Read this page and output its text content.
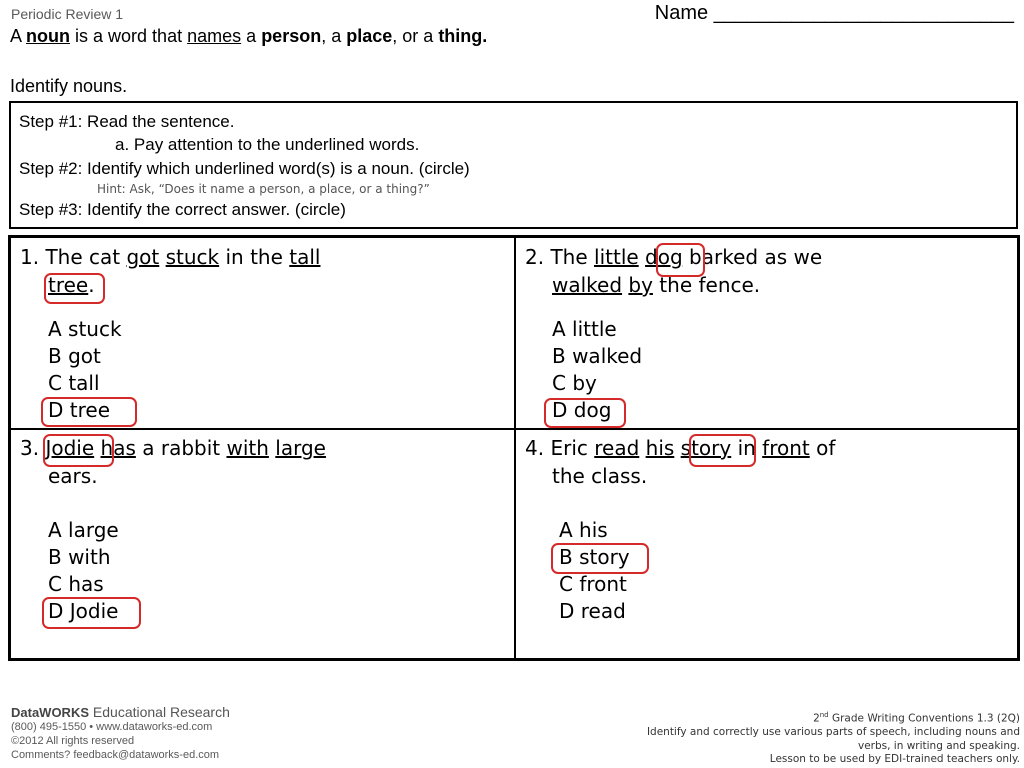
Periodic Review 1	Name ___________________________
A noun is a word that names a person, a place, or a thing.
Identify nouns.
Step #1: Read the sentence.
a. Pay attention to the underlined words.
Step #2: Identify which underlined word(s) is a noun. (circle)
Hint: Ask, “Does it name a person, a place, or a thing?”
Step #3: Identify the correct answer. (circle)
1. The cat got stuck in the tall
tree.
A stuck
B got
C tall
D tree
2. The little dog barked as we
walked by the fence.
A little
B walked
C by
D dog
3. Jodie has a rabbit with large
ears.
A large
B with
C has
D Jodie
4. Eric read his story in front of
the class.
A his
B story
C front
D read
DataWORKS Educational Research
(800) 495-1550 • www.dataworks-ed.com
©2012 All rights reserved
Comments? feedback@dataworks-ed.com
2nd Grade Writing Conventions 1.3 (2Q)
Identify and correctly use various parts of speech, including nouns and
verbs, in writing and speaking.
Lesson to be used by EDI-trained teachers only.
